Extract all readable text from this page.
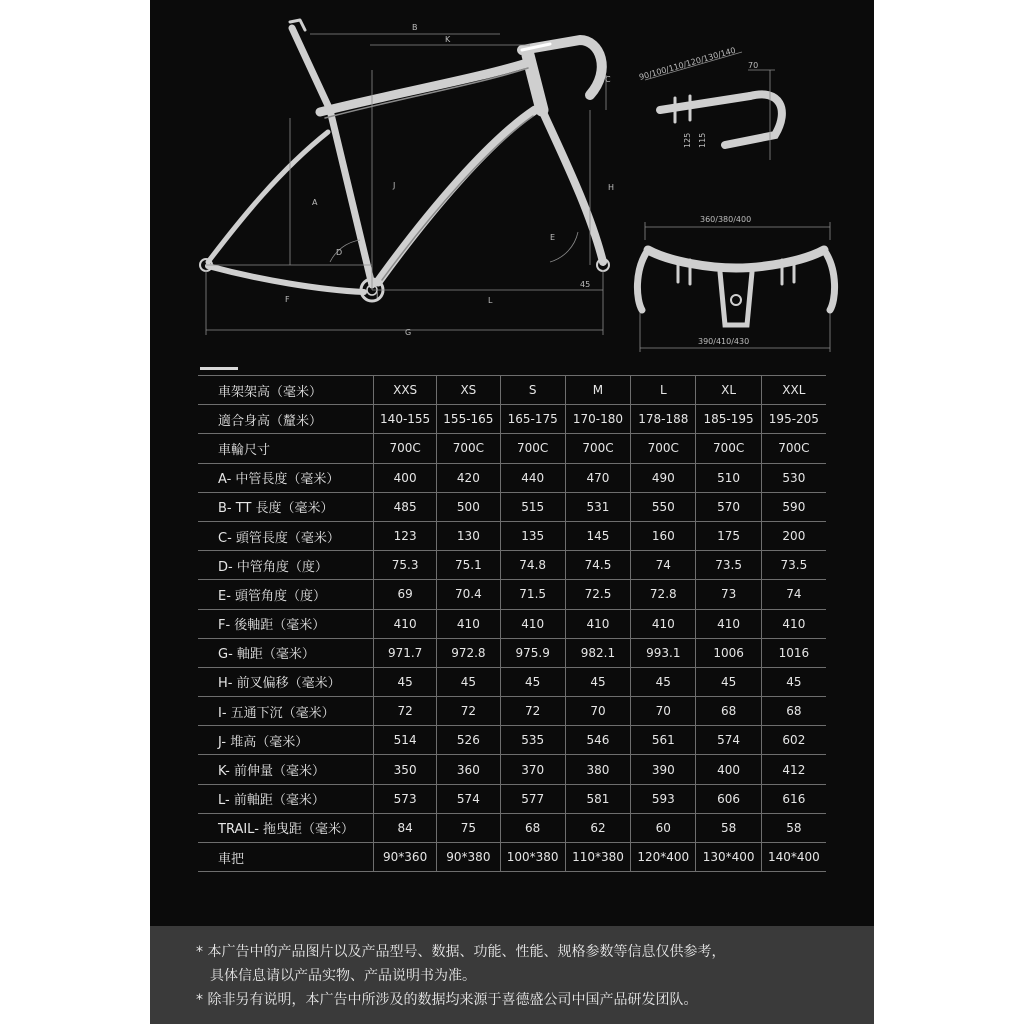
B
K
C
J
A
H
D
E
F	L
G
I
45
90/100/110/120/130/140 70
125 115
360/380/400
390/410/430
車架架高（毫米）	XXS	XS	S	M	L	XL	XXL
適合身高（釐米）	140-155	155-165	165-175	170-180	178-188	185-195	195-205
車輪尺寸	700C	700C	700C	700C	700C	700C	700C
A- 中管長度（毫米）	400	420	440	470	490	510	530
B- TT 長度（毫米）	485	500	515	531	550	570	590
C- 頭管長度（毫米）	123	130	135	145	160	175	200
D- 中管角度（度）	75.3	75.1	74.8	74.5	74	73.5	73.5
E- 頭管角度（度）	69	70.4	71.5	72.5	72.8	73	74
F- 後軸距（毫米）	410	410	410	410	410	410	410
G- 軸距（毫米）	971.7	972.8	975.9	982.1	993.1	1006	1016
H- 前叉偏移（毫米）	45	45	45	45	45	45	45
I- 五通下沉（毫米）	72	72	72	70	70	68	68
J- 堆高（毫米）	514	526	535	546	561	574	602
K- 前伸量（毫米）	350	360	370	380	390	400	412
L- 前軸距（毫米）	573	574	577	581	593	606	616
TRAIL- 拖曳距（毫米）	84	75	68	62	60	58	58
車把	90*360	90*380	100*380	110*380	120*400	130*400	140*400
* 本广告中的产品图片以及产品型号、数据、功能、性能、规格参数等信息仅供参考，
具体信息请以产品实物、产品说明书为准。
* 除非另有说明，本广告中所涉及的数据均来源于喜德盛公司中国产品研发团队。
